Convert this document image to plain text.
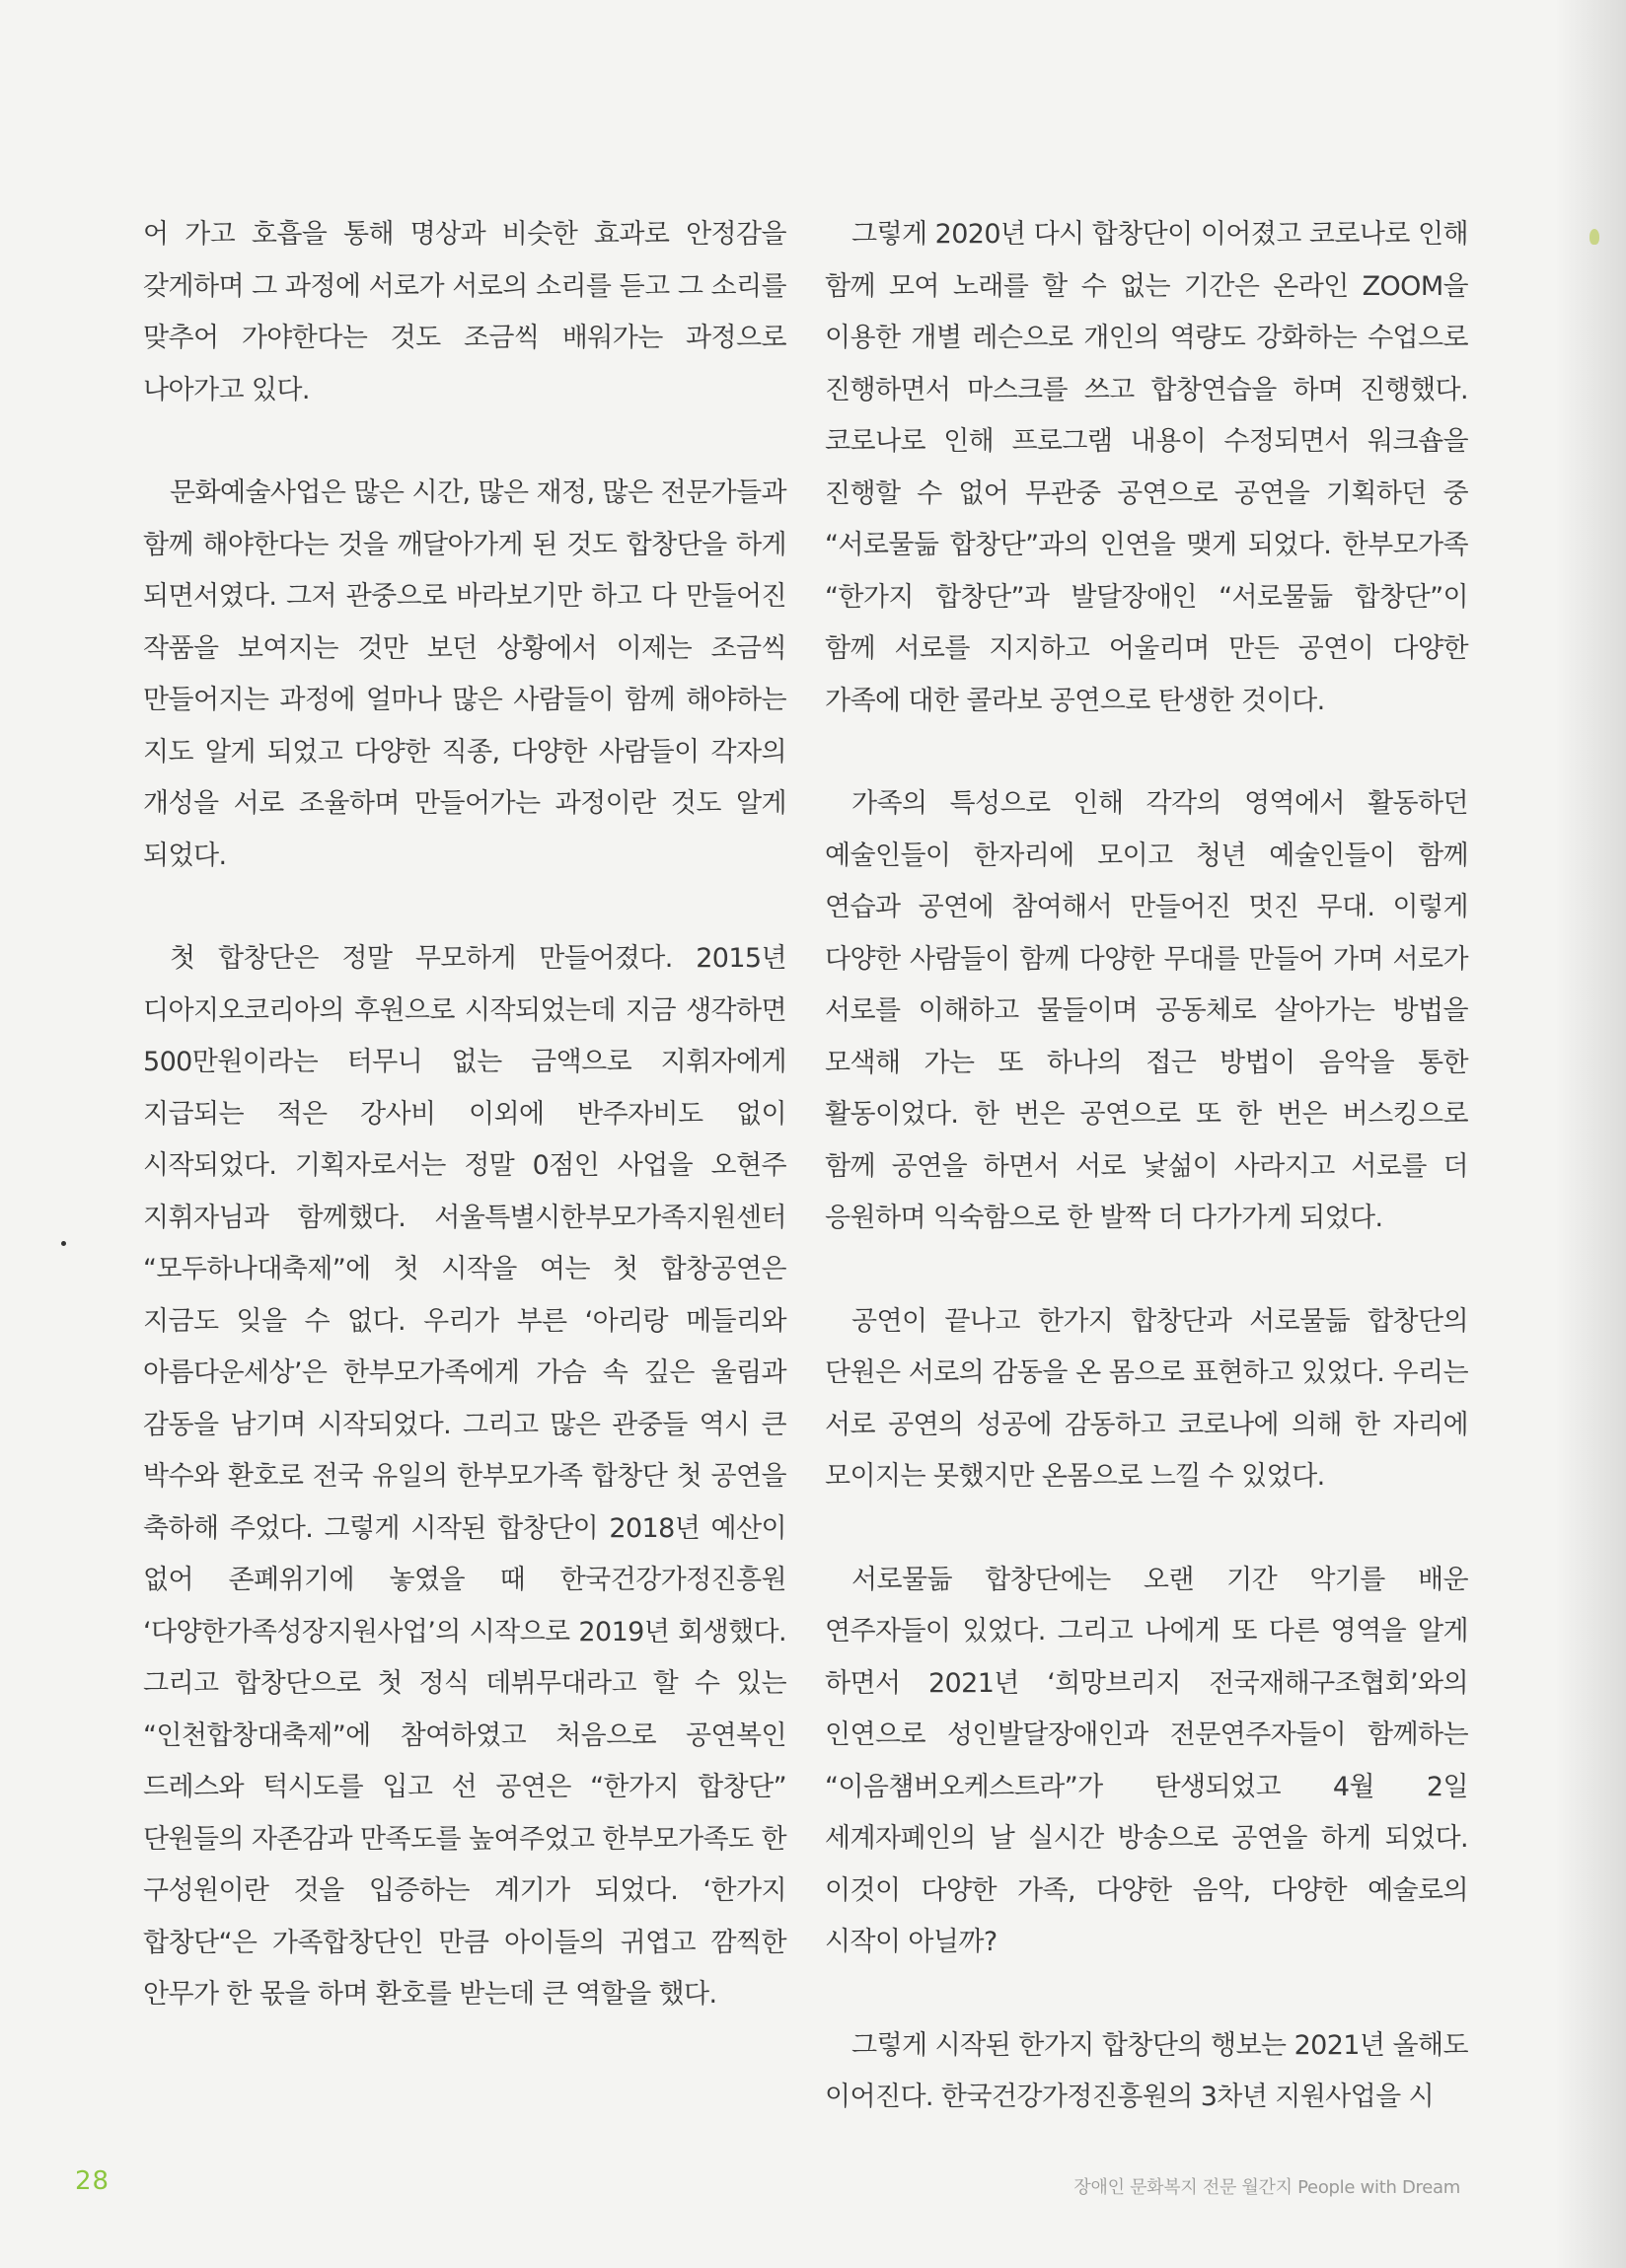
어 가고 호흡을 통해 명상과 비슷한 효과로 안정감을 갖게하며 그 과정에 서로가 서로의 소리를 듣고 그 소리를 맞추어 가야한다는 것도 조금씩 배워가는 과정으로 나아가고 있다.

문화예술사업은 많은 시간, 많은 재정, 많은 전문가들과 함께 해야한다는 것을 깨달아가게 된 것도 합창단을 하게 되면서였다. 그저 관중으로 바라보기만 하고 다 만들어진 작품을 보여지는 것만 보던 상황에서 이제는 조금씩 만들어지는 과정에 얼마나 많은 사람들이 함께 해야하는 지도 알게 되었고 다양한 직종, 다양한 사람들이 각자의 개성을 서로 조율하며 만들어가는 과정이란 것도 알게 되었다.

첫 합창단은 정말 무모하게 만들어졌다. 2015년 디아지오코리아의 후원으로 시작되었는데 지금 생각하면 500만원이라는 터무니 없는 금액으로 지휘자에게 지급되는 적은 강사비 이외에 반주자비도 없이 시작되었다. 기획자로서는 정말 0점인 사업을 오현주 지휘자님과 함께했다. 서울특별시한부모가족지원센터 “모두하나대축제”에 첫 시작을 여는 첫 합창공연은 지금도 잊을 수 없다. 우리가 부른 ‘아리랑 메들리와 아름다운세상’은 한부모가족에게 가슴 속 깊은 울림과 감동을 남기며 시작되었다. 그리고 많은 관중들 역시 큰 박수와 환호로 전국 유일의 한부모가족 합창단 첫 공연을 축하해 주었다. 그렇게 시작된 합창단이 2018년 예산이 없어 존폐위기에 놓였을 때 한국건강가정진흥원 ‘다양한가족성장지원사업’의 시작으로 2019년 회생했다. 그리고 합창단으로 첫 정식 데뷔무대라고 할 수 있는 “인천합창대축제”에 참여하였고 처음으로 공연복인 드레스와 턱시도를 입고 선 공연은 “한가지 합창단” 단원들의 자존감과 만족도를 높여주었고 한부모가족도 한 구성원이란 것을 입증하는 계기가 되었다. ‘한가지 합창단“은 가족합창단인 만큼 아이들의 귀엽고 깜찍한 안무가 한 몫을 하며 환호를 받는데 큰 역할을 했다.

그렇게 2020년 다시 합창단이 이어졌고 코로나로 인해 함께 모여 노래를 할 수 없는 기간은 온라인 ZOOM을 이용한 개별 레슨으로 개인의 역량도 강화하는 수업으로 진행하면서 마스크를 쓰고 합창연습을 하며 진행했다. 코로나로 인해 프로그램 내용이 수정되면서 워크숍을 진행할 수 없어 무관중 공연으로 공연을 기획하던 중 “서로물듦 합창단”과의 인연을 맺게 되었다. 한부모가족 “한가지 합창단”과 발달장애인 “서로물듦 합창단”이 함께 서로를 지지하고 어울리며 만든 공연이 다양한 가족에 대한 콜라보 공연으로 탄생한 것이다.

가족의 특성으로 인해 각각의 영역에서 활동하던 예술인들이 한자리에 모이고 청년 예술인들이 함께 연습과 공연에 참여해서 만들어진 멋진 무대. 이렇게 다양한 사람들이 함께 다양한 무대를 만들어 가며 서로가 서로를 이해하고 물들이며 공동체로 살아가는 방법을 모색해 가는 또 하나의 접근 방법이 음악을 통한 활동이었다. 한 번은 공연으로 또 한 번은 버스킹으로 함께 공연을 하면서 서로 낯섦이 사라지고 서로를 더 응원하며 익숙함으로 한 발짝 더 다가가게 되었다.

공연이 끝나고 한가지 합창단과 서로물듦 합창단의 단원은 서로의 감동을 온 몸으로 표현하고 있었다. 우리는 서로 공연의 성공에 감동하고 코로나에 의해 한 자리에 모이지는 못했지만 온몸으로 느낄 수 있었다.

서로물듦 합창단에는 오랜 기간 악기를 배운 연주자들이 있었다. 그리고 나에게 또 다른 영역을 알게 하면서 2021년 ‘희망브리지 전국재해구조협회’와의 인연으로 성인발달장애인과 전문연주자들이 함께하는 “이음첌버오케스트라”가 탄생되었고 4월 2일 세계자폐인의 날 실시간 방송으로 공연을 하게 되었다. 이것이 다양한 가족, 다양한 음악, 다양한 예술로의 시작이 아닐까?

그렇게 시작된 한가지 합창단의 행보는 2021년 올해도 이어진다. 한국건강가정진흥원의 3차년 지원사업을 시

28	장애인 문화복지 전문 월간지 People with Dream
